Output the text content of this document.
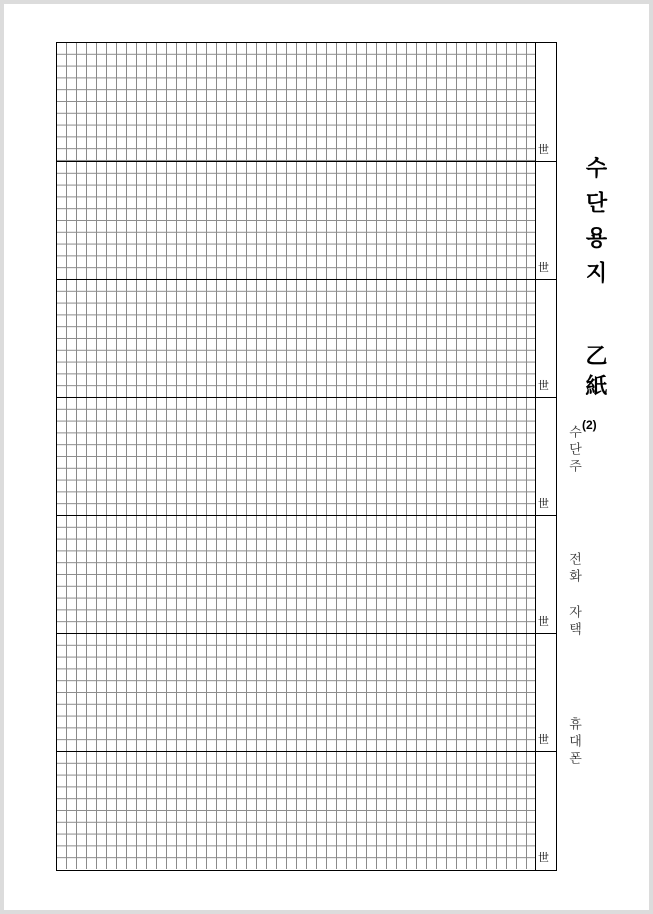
世
世
世
世
世
世
世
수단용지
乙紙
(2)
수단주
전화
자택
휴대폰
